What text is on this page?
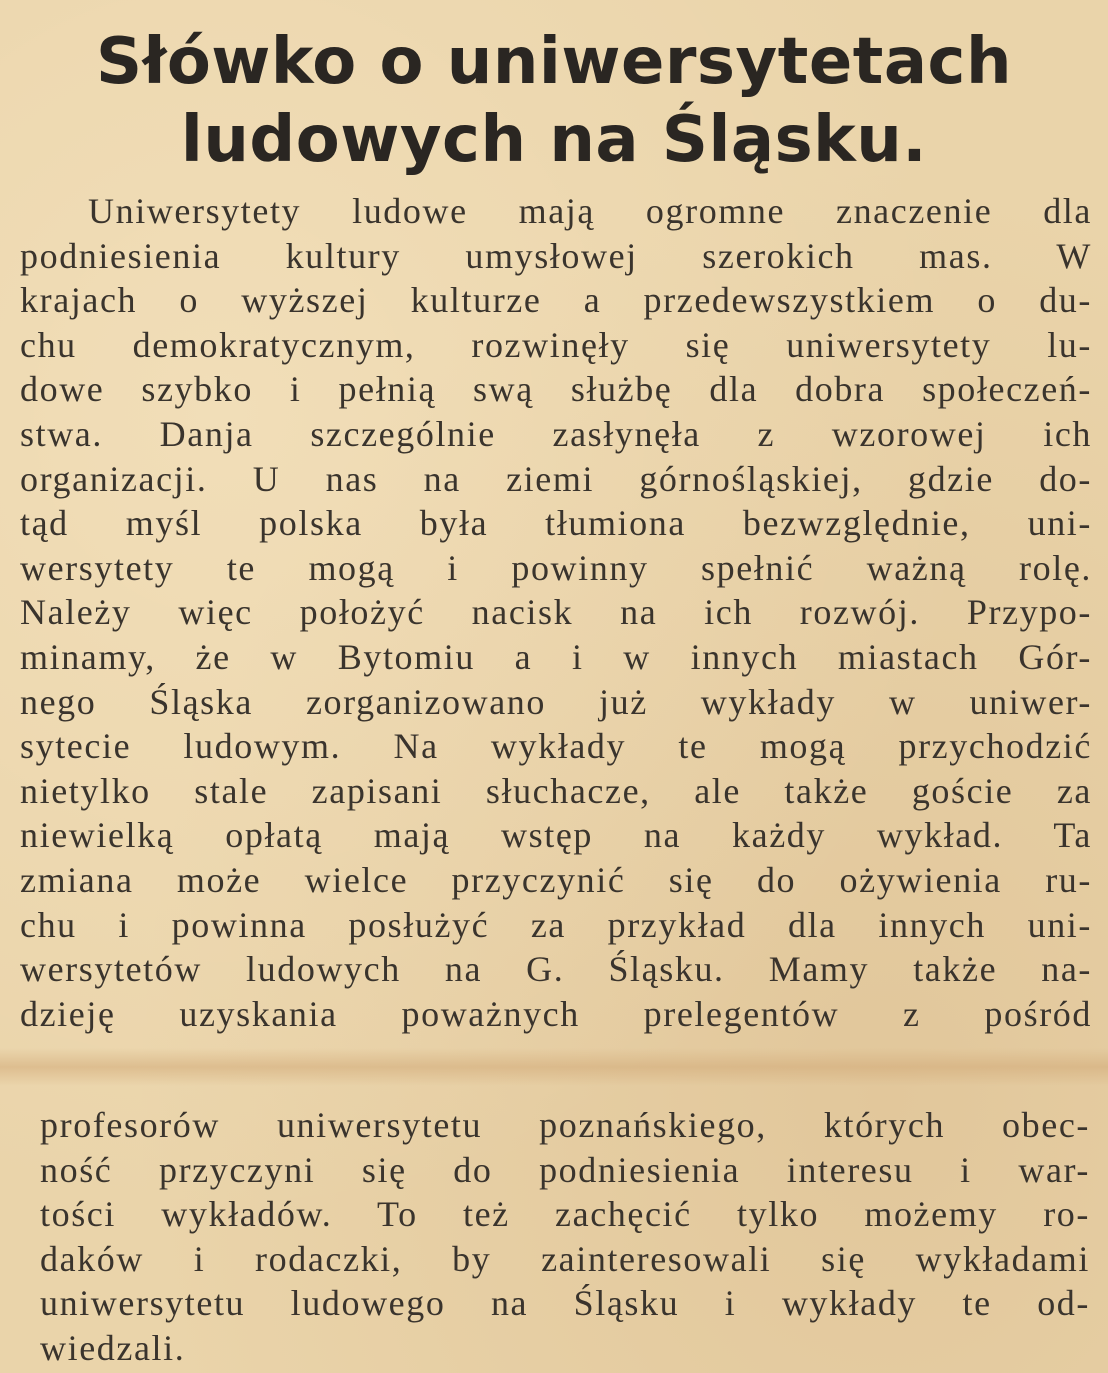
Słówko o uniwersytetach
ludowych na Śląsku.
Uniwersytety ludowe mają ogromne znaczenie dla
podniesienia kultury umysłowej szerokich mas. W
krajach o wyższej kulturze a przedewszystkiem o du-
chu demokratycznym, rozwinęły się uniwersytety lu-
dowe szybko i pełnią swą służbę dla dobra społeczeń-
stwa. Danja szczególnie zasłynęła z wzorowej ich
organizacji. U nas na ziemi górnośląskiej, gdzie do-
tąd myśl polska była tłumiona bezwzględnie, uni-
wersytety te mogą i powinny spełnić ważną rolę.
Należy więc położyć nacisk na ich rozwój. Przypo-
minamy, że w Bytomiu a i w innych miastach Gór-
nego Śląska zorganizowano już wykłady w uniwer-
sytecie ludowym. Na wykłady te mogą przychodzić
nietylko stale zapisani słuchacze, ale także goście za
niewielką opłatą mają wstęp na każdy wykład. Ta
zmiana może wielce przyczynić się do ożywienia ru-
chu i powinna posłużyć za przykład dla innych uni-
wersytetów ludowych na G. Śląsku. Mamy także na-
dzieję uzyskania poważnych prelegentów z pośród
profesorów uniwersytetu poznańskiego, których obec-
ność przyczyni się do podniesienia interesu i war-
tości wykładów. To też zachęcić tylko możemy ro-
daków i rodaczki, by zainteresowali się wykładami
uniwersytetu ludowego na Śląsku i wykłady te od-
wiedzali.
